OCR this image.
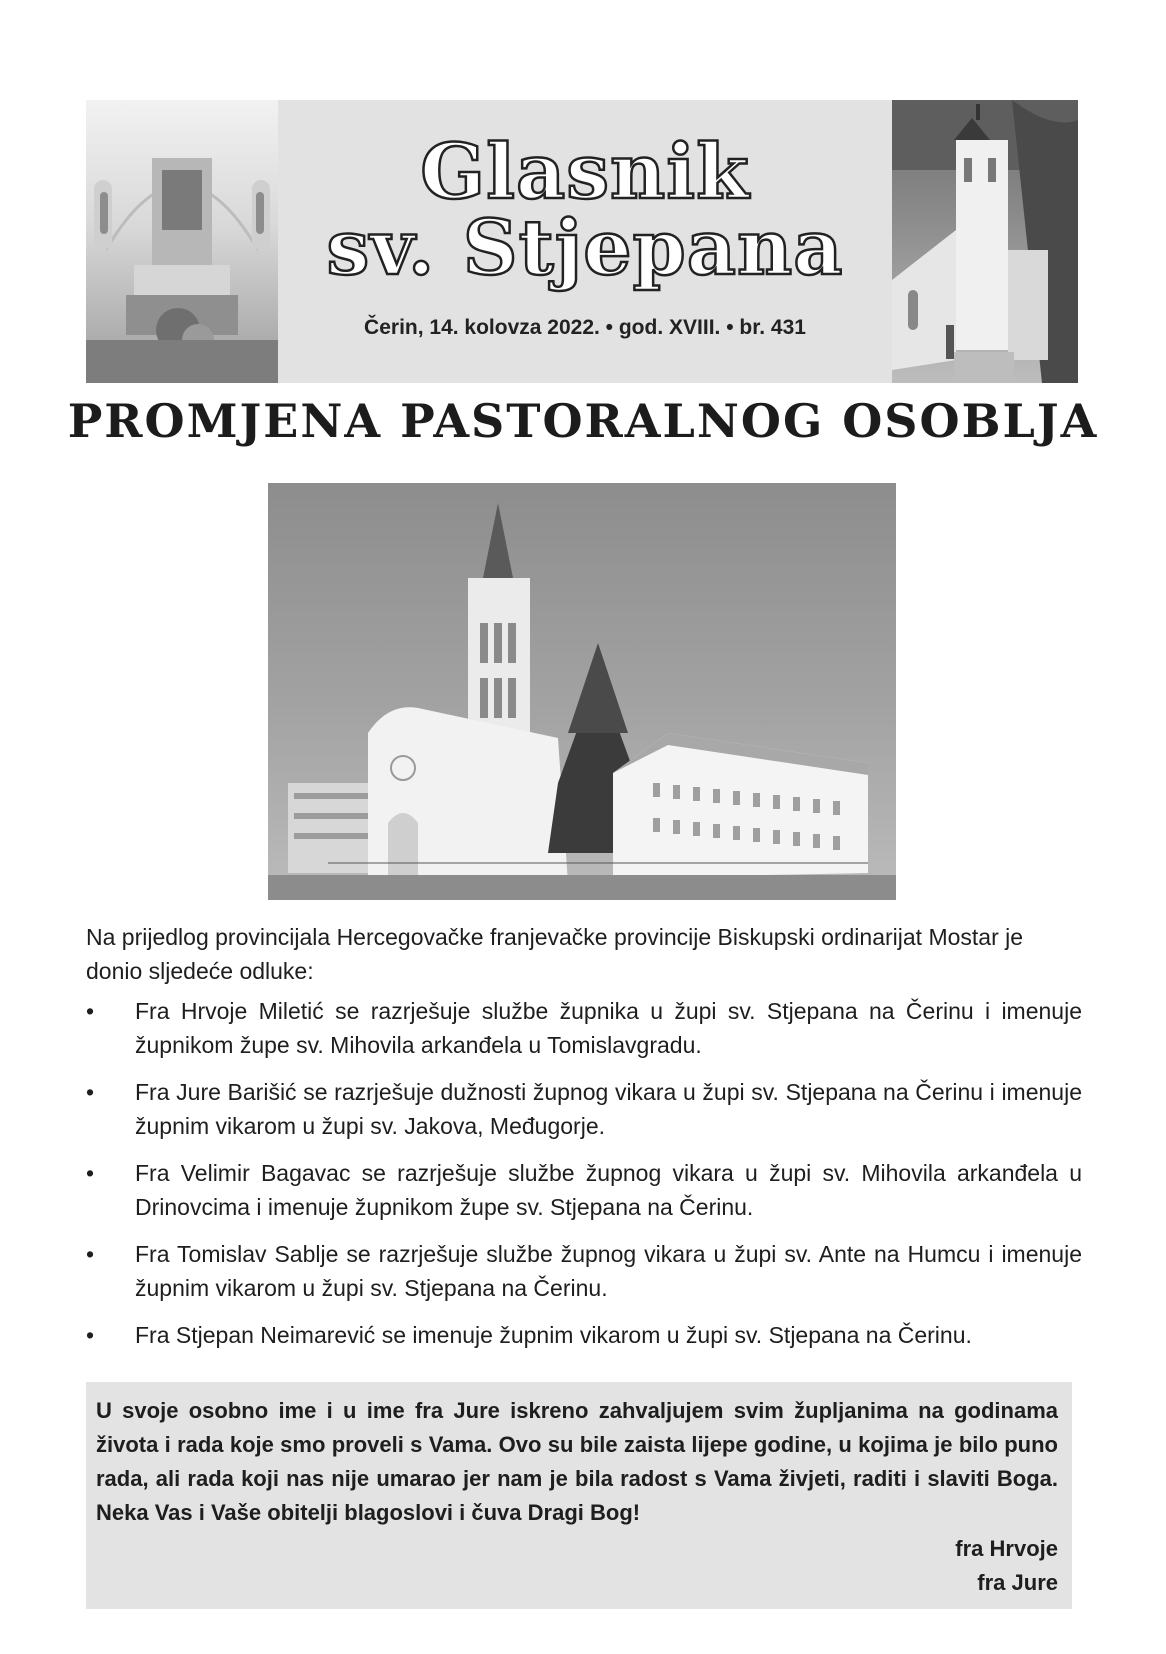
Glasnik
sv. Stjepana
Čerin, 14. kolovza 2022. • god. XVIII. • br. 431
PROMJENA PASTORALNOG OSOBLJA

Na prijedlog provincijala Hercegovačke franjevačke provincije Biskupski ordinarijat Mostar je donio sljedeće odluke:

•	Fra Hrvoje Miletić se razrješuje službe župnika u župi sv. Stjepana na Čerinu i imenuje župnikom župe sv. Mihovila arkanđela u Tomislavgradu.
•	Fra Jure Barišić se razrješuje dužnosti župnog vikara u župi sv. Stjepana na Čerinu i imenuje župnim vikarom u župi sv. Jakova, Međugorje.
•	Fra Velimir Bagavac se razrješuje službe župnog vikara u župi sv. Mihovila arkanđela u Drinovcima i imenuje župnikom župe sv. Stjepana na Čerinu.
•	Fra Tomislav Sablje se razrješuje službe župnog vikara u župi sv. Ante na Humcu i imenuje župnim vikarom u župi sv. Stjepana na Čerinu.
•	Fra Stjepan Neimarević se imenuje župnim vikarom u župi sv. Stjepana na Čerinu.

U svoje osobno ime i u ime fra Jure iskreno zahvaljujem svim župljanima na godinama života i rada koje smo proveli s Vama. Ovo su bile zaista lijepe godine, u kojima je bilo puno rada, ali rada koji nas nije umarao jer nam je bila radost s Vama živjeti, raditi i slaviti Boga. Neka Vas i Vaše obitelji blagoslovi i čuva Dragi Bog!

fra Hrvoje
fra Jure
